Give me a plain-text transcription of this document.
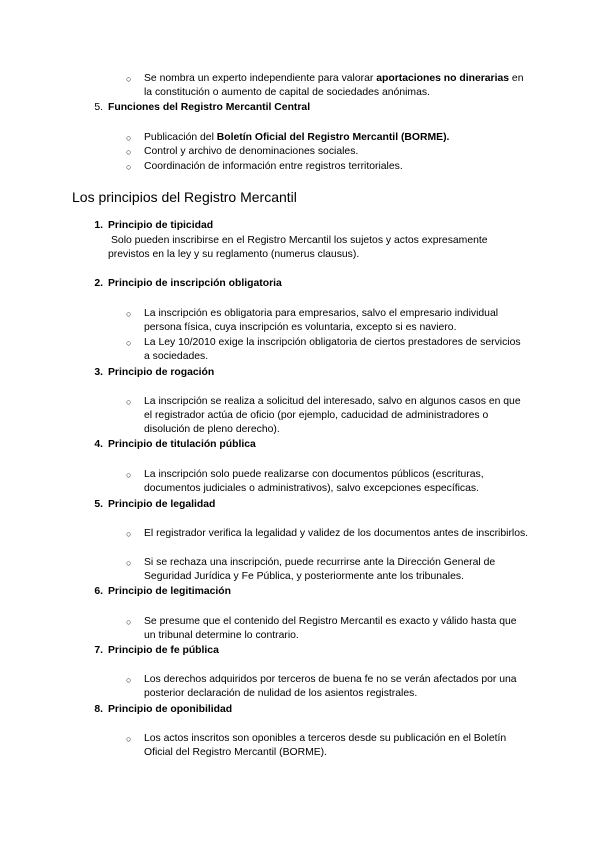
○ Se nombra un experto independiente para valorar aportaciones no dinerarias en la constitución o aumento de capital de sociedades anónimas.
5. Funciones del Registro Mercantil Central
○ Publicación del Boletín Oficial del Registro Mercantil (BORME).
○ Control y archivo de denominaciones sociales.
○ Coordinación de información entre registros territoriales.
Los principios del Registro Mercantil
1. Principio de tipicidad
Solo pueden inscribirse en el Registro Mercantil los sujetos y actos expresamente previstos en la ley y su reglamento (numerus clausus).
2. Principio de inscripción obligatoria
○ La inscripción es obligatoria para empresarios, salvo el empresario individual persona física, cuya inscripción es voluntaria, excepto si es naviero.
○ La Ley 10/2010 exige la inscripción obligatoria de ciertos prestadores de servicios a sociedades.
3. Principio de rogación
○ La inscripción se realiza a solicitud del interesado, salvo en algunos casos en que el registrador actúa de oficio (por ejemplo, caducidad de administradores o disolución de pleno derecho).
4. Principio de titulación pública
○ La inscripción solo puede realizarse con documentos públicos (escrituras, documentos judiciales o administrativos), salvo excepciones específicas.
5. Principio de legalidad
○ El registrador verifica la legalidad y validez de los documentos antes de inscribirlos.
○ Si se rechaza una inscripción, puede recurrirse ante la Dirección General de Seguridad Jurídica y Fe Pública, y posteriormente ante los tribunales.
6. Principio de legitimación
○ Se presume que el contenido del Registro Mercantil es exacto y válido hasta que un tribunal determine lo contrario.
7. Principio de fe pública
○ Los derechos adquiridos por terceros de buena fe no se verán afectados por una posterior declaración de nulidad de los asientos registrales.
8. Principio de oponibilidad
○ Los actos inscritos son oponibles a terceros desde su publicación en el Boletín Oficial del Registro Mercantil (BORME).
